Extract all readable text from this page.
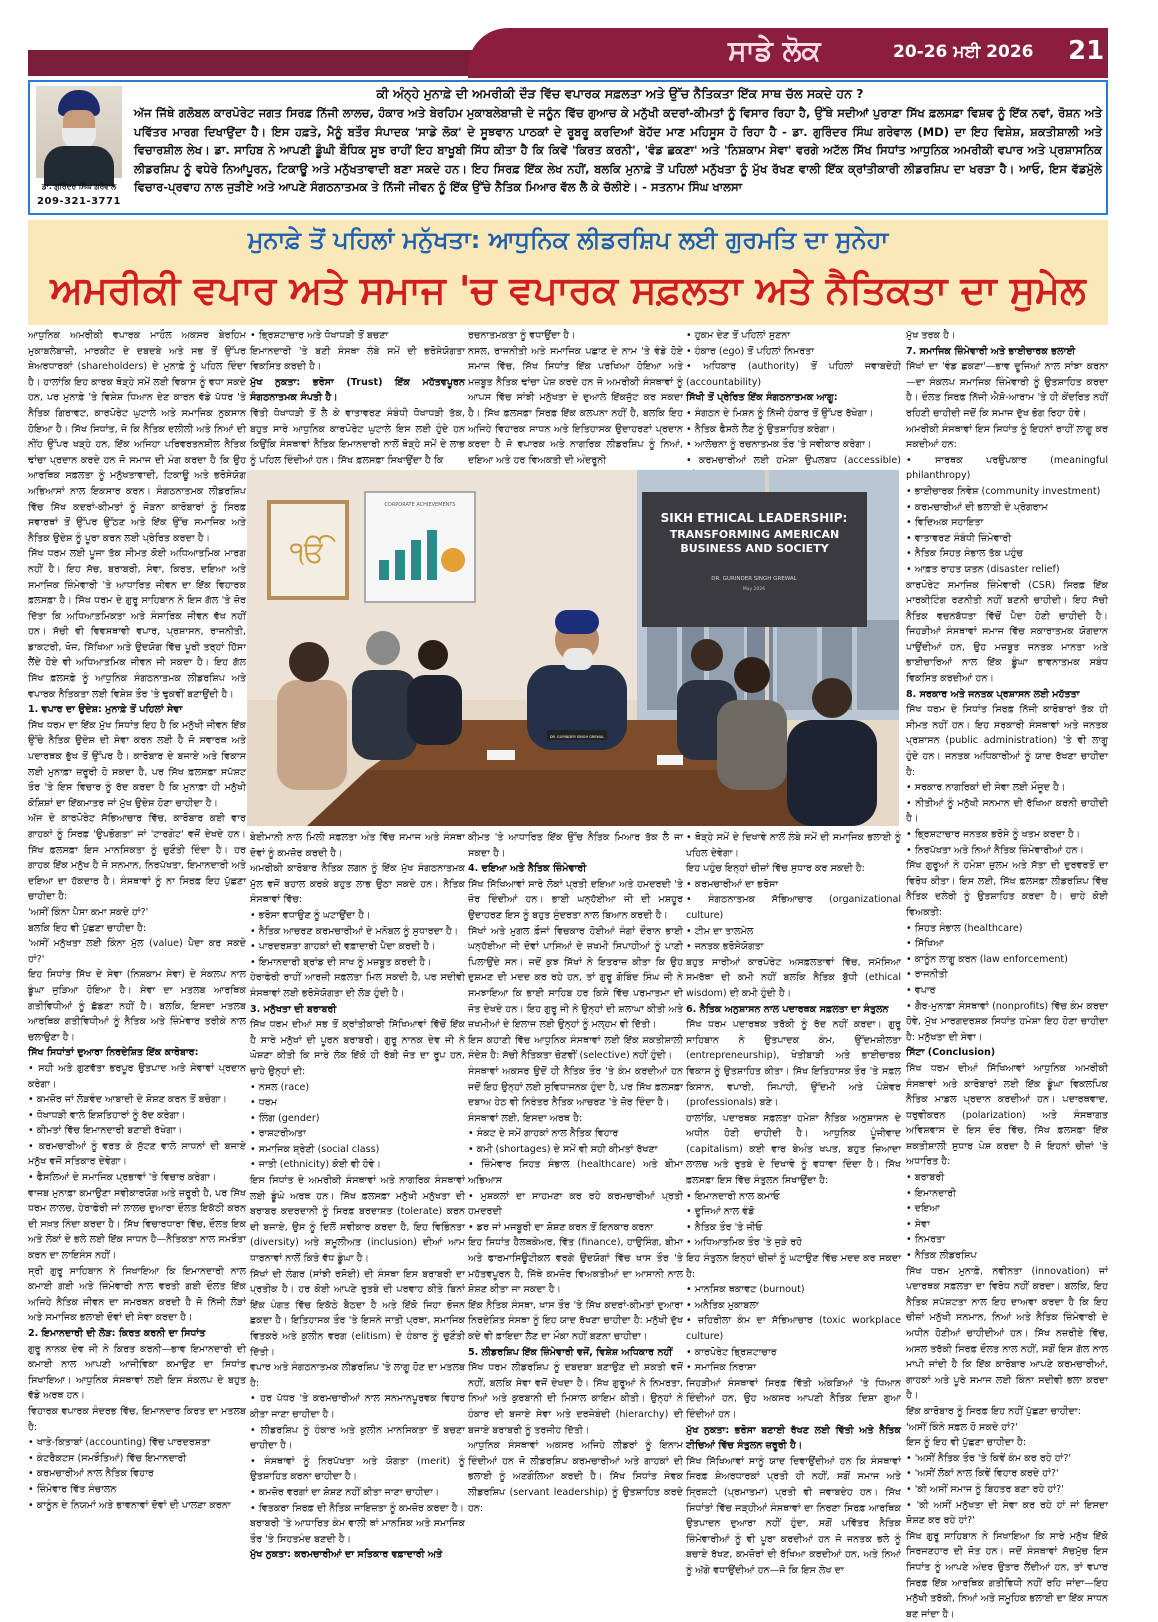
ਸਾਡੇ ਲੋਕ	20-26 ਮਈ 2026 21
ਡਾ. ਗੁਰਿੰਦਰ ਸਿੰਘ ਗਰੇਵਾਲ
209-321-3771
ਕੀ ਅੰਨ੍ਹੇ ਮੁਨਾਫ਼ੇ ਦੀ ਅਮਰੀਕੀ ਦੌੜ ਵਿੱਚ ਵਪਾਰਕ ਸਫ਼ਲਤਾ ਅਤੇ ਉੱਚ ਨੈਤਿਕਤਾ ਇੱਕ ਸਾਥ ਚੱਲ ਸਕਦੇ ਹਨ ?
ਅੱਜ ਜਿੱਥੇ ਗਲੋਬਲ ਕਾਰਪੋਰੇਟ ਜਗਤ ਸਿਰਫ਼ ਨਿੱਜੀ ਲਾਲਚ, ਹੰਕਾਰ ਅਤੇ ਬੇਰਹਿਮ ਮੁਕਾਬਲੇਬਾਜ਼ੀ ਦੇ ਜਨੂੰਨ ਵਿੱਚ ਗੁਆਚ ਕੇ ਮਨੁੱਖੀ ਕਦਰਾਂ-ਕੀਮਤਾਂ ਨੂੰ ਵਿਸਾਰ ਰਿਹਾ ਹੈ, ਉੱਥੇ ਸਦੀਆਂ ਪੁਰਾਣਾ ਸਿੱਖ ਫ਼ਲਸਫ਼ਾ ਵਿਸ਼ਵ ਨੂੰ ਇੱਕ ਨਵਾਂ, ਰੋਸ਼ਨ ਅਤੇ ਪਵਿੱਤਰ ਮਾਰਗ ਦਿਖਾਉਂਦਾ ਹੈ। ਇਸ ਹਫ਼ਤੇ, ਮੈਨੂੰ ਬਤੌਰ ਸੰਪਾਦਕ 'ਸਾਡੇ ਲੋਕ' ਦੇ ਸੂਝਵਾਨ ਪਾਠਕਾਂ ਦੇ ਰੂਬਰੂ ਕਰਦਿਆਂ ਬੇਹੱਦ ਮਾਣ ਮਹਿਸੂਸ ਹੋ ਰਿਹਾ ਹੈ - ਡਾ. ਗੁਰਿੰਦਰ ਸਿੰਘ ਗਰੇਵਾਲ (MD) ਦਾ ਇਹ ਵਿਸ਼ੇਸ਼, ਸ਼ਕਤੀਸ਼ਾਲੀ ਅਤੇ ਵਿਚਾਰਸ਼ੀਲ ਲੇਖ। ਡਾ. ਸਾਹਿਬ ਨੇ ਆਪਣੀ ਡੂੰਘੀ ਬੌਧਿਕ ਸੂਝ ਰਾਹੀਂ ਇਹ ਬਾਖੂਬੀ ਸਿੱਧ ਕੀਤਾ ਹੈ ਕਿ ਕਿਵੇਂ 'ਕਿਰਤ ਕਰਨੀ', 'ਵੰਡ ਛਕਣਾ' ਅਤੇ 'ਨਿਸ਼ਕਾਮ ਸੇਵਾ' ਵਰਗੇ ਅਟੱਲ ਸਿੱਖ ਸਿਧਾਂਤ ਆਧੁਨਿਕ ਅਮਰੀਕੀ ਵਪਾਰ ਅਤੇ ਪ੍ਰਸ਼ਾਸਨਿਕ ਲੀਡਰਸ਼ਿਪ ਨੂੰ ਵਧੇਰੇ ਨਿਆਂਪੂਰਨ, ਟਿਕਾਊ ਅਤੇ ਮਨੁੱਖਤਾਵਾਦੀ ਬਣਾ ਸਕਦੇ ਹਨ। ਇਹ ਸਿਰਫ਼ ਇੱਕ ਲੇਖ ਨਹੀਂ, ਬਲਕਿ ਮੁਨਾਫ਼ੇ ਤੋਂ ਪਹਿਲਾਂ ਮਨੁੱਖਤਾ ਨੂੰ ਮੁੱਖ ਰੱਖਣ ਵਾਲੀ ਇੱਕ ਕ੍ਰਾਂਤੀਕਾਰੀ ਲੀਡਰਸ਼ਿਪ ਦਾ ਖਰੜਾ ਹੈ। ਆਓ, ਇਸ ਵੱਡਮੁੱਲੇ ਵਿਚਾਰ-ਪ੍ਰਵਾਹ ਨਾਲ ਜੁੜੀਏ ਅਤੇ ਆਪਣੇ ਸੰਗਠਨਾਤਮਕ ਤੇ ਨਿੱਜੀ ਜੀਵਨ ਨੂੰ ਇੱਕ ਉੱਚੇ ਨੈਤਿਕ ਮਿਆਰ ਵੱਲ ਲੈ ਕੇ ਚੱਲੀਏ। - ਸਤਨਾਮ ਸਿੰਘ ਖਾਲਸਾ
ਮੁਨਾਫ਼ੇ ਤੋਂ ਪਹਿਲਾਂ ਮਨੁੱਖਤਾ: ਆਧੁਨਿਕ ਲੀਡਰਸ਼ਿਪ ਲਈ ਗੁਰਮਤਿ ਦਾ ਸੁਨੇਹਾ
ਅਮਰੀਕੀ ਵਪਾਰ ਅਤੇ ਸਮਾਜ 'ਚ ਵਪਾਰਕ ਸਫ਼ਲਤਾ ਅਤੇ ਨੈਤਿਕਤਾ ਦਾ ਸੁਮੇਲ

ਆਧੁਨਿਕ ਅਮਰੀਕੀ ਵਪਾਰਕ ਮਾਹੌਲ ਅਕਸਰ ਬੇਰਹਿਮ ਮੁਕਾਬਲੇਬਾਜ਼ੀ, ਮਾਰਕੀਟ ਦੇ ਦਬਦਬੇ ਅਤੇ ਸਭ ਤੋਂ ਉੱਪਰ ਸ਼ੇਅਰਧਾਰਕਾਂ (shareholders) ਦੇ ਮੁਨਾਫ਼ੇ ਨੂੰ ਪਹਿਲ ਦਿੰਦਾ ਹੈ। ਹਾਲਾਂਕਿ ਇਹ ਕਾਰਕ ਥੋੜ੍ਹੇ ਸਮੇਂ ਲਈ ਵਿਕਾਸ ਨੂੰ ਵਧਾ ਸਕਦੇ ਹਨ, ਪਰ ਮੁਨਾਫ਼ੇ 'ਤੇ ਵਿਸ਼ੇਸ਼ ਧਿਆਨ ਦੇਣ ਕਾਰਨ ਵੱਡੇ ਪੱਧਰ 'ਤੇ ਨੈਤਿਕ ਗਿਰਾਵਟ, ਕਾਰਪੋਰੇਟ ਘੁਟਾਲੇ ਅਤੇ ਸਮਾਜਿਕ ਨੁਕਸਾਨ ਹੋਇਆ ਹੈ। ਸਿੱਖ ਸਿਧਾਂਤ, ਜੋ ਕਿ ਨੈਤਿਕ ਦਲੀਲੀ ਅਤੇ ਨਿਆਂ ਦੀ ਨੀਂਹ ਉੱਪਰ ਖੜ੍ਹੇ ਹਨ, ਇੱਕ ਅਜਿਹਾ ਪਰਿਵਰਤਨਸ਼ੀਲ ਨੈਤਿਕ ਢਾਂਚਾ ਪ੍ਰਦਾਨ ਕਰਦੇ ਹਨ ਜੋ ਸਮਾਜ ਦੀ ਮੰਗ ਕਰਦਾ ਹੈ ਕਿ ਉਹ ਆਰਥਿਕ ਸਫ਼ਲਤਾ ਨੂੰ ਮਨੁੱਖਤਾਵਾਦੀ, ਟਿਕਾਊ ਅਤੇ ਭਰੋਸੇਯੋਗ ਅਭਿਆਸਾਂ ਨਾਲ ਇਕਸਾਰ ਕਰਨ। ਸੰਗਠਨਾਤਮਕ ਲੀਡਰਸ਼ਿਪ ਵਿੱਚ ਸਿੱਖ ਕਦਰਾਂ-ਕੀਮਤਾਂ ਨੂੰ ਜੋੜਨਾ ਕਾਰੋਬਾਰਾਂ ਨੂੰ ਸਿਰਫ਼ ਸਵਾਰਥਾਂ ਤੋਂ ਉੱਪਰ ਉੱਠਣ ਅਤੇ ਇੱਕ ਉੱਚ ਸਮਾਜਿਕ ਅਤੇ ਨੈਤਿਕ ਉਦੇਸ਼ ਨੂੰ ਪੂਰਾ ਕਰਨ ਲਈ ਪ੍ਰੇਰਿਤ ਕਰਦਾ ਹੈ।

ਸਿੱਖ ਧਰਮ ਲਈ ਪੂਜਾ ਤੱਕ ਸੀਮਤ ਕੋਈ ਅਧਿਆਤਮਿਕ ਮਾਰਗ ਨਹੀਂ ਹੈ। ਇਹ ਸੱਚ, ਬਰਾਬਰੀ, ਸੇਵਾ, ਕਿਰਤ, ਦਇਆ ਅਤੇ ਸਮਾਜਿਕ ਜ਼ਿੰਮੇਵਾਰੀ 'ਤੇ ਆਧਾਰਿਤ ਜੀਵਨ ਦਾ ਇੱਕ ਵਿਹਾਰਕ ਫ਼ਲਸਫ਼ਾ ਹੈ। ਸਿੱਖ ਧਰਮ ਦੇ ਗੁਰੂ ਸਾਹਿਬਾਨ ਨੇ ਇਸ ਗੱਲ 'ਤੇ ਜ਼ੋਰ ਦਿੱਤਾ ਕਿ ਅਧਿਆਤਮਿਕਤਾ ਅਤੇ ਸੰਸਾਰਿਕ ਜੀਵਨ ਵੱਖ ਨਹੀਂ ਹਨ। ਸੱਚੀ ਵੀ ਵਿਵਸਥਾਵੀ ਵਪਾਰ, ਪ੍ਰਸ਼ਾਸਨ, ਰਾਜਨੀਤੀ, ਡਾਕਟਰੀ, ਖੋਜ, ਸਿੱਖਿਆ ਅਤੇ ਉਦਯੋਗ ਵਿੱਚ ਪੂਰੀ ਤਰ੍ਹਾਂ ਹਿੱਸਾ ਲੈਂਦੇ ਹੋਏ ਵੀ ਅਧਿਆਤਮਿਕ ਜੀਵਨ ਜੀ ਸਕਦਾ ਹੈ। ਇਹ ਗੱਲ ਸਿੱਖ ਫ਼ਲਸਫ਼ੇ ਨੂੰ ਆਧੁਨਿਕ ਸੰਗਠਨਾਤਮਕ ਲੀਡਰਸ਼ਿਪ ਅਤੇ ਵਪਾਰਕ ਨੈਤਿਕਤਾ ਲਈ ਵਿਸ਼ੇਸ਼ ਤੌਰ 'ਤੇ ਢੁਕਵੀਂ ਬਣਾਉਂਦੀ ਹੈ।

1. ਵਪਾਰ ਦਾ ਉਦੇਸ਼: ਮੁਨਾਫ਼ੇ ਤੋਂ ਪਹਿਲਾਂ ਸੇਵਾ

ਸਿੱਖ ਧਰਮ ਦਾ ਇੱਕ ਮੁੱਖ ਸਿਧਾਂਤ ਇਹ ਹੈ ਕਿ ਮਨੁੱਖੀ ਜੀਵਨ ਇੱਕ ਉੱਚੇ ਨੈਤਿਕ ਉਦੇਸ਼ ਦੀ ਸੇਵਾ ਕਰਨ ਲਈ ਹੈ ਜੋ ਸਵਾਰਥ ਅਤੇ ਪਦਾਰਥਕ ਭੁੱਖ ਤੋਂ ਉੱਪਰ ਹੈ। ਕਾਰੋਬਾਰ ਦੇ ਬਜਾਏ ਅਤੇ ਵਿਕਾਸ ਲਈ ਮੁਨਾਫ਼ਾ ਜ਼ਰੂਰੀ ਹੋ ਸਕਦਾ ਹੈ, ਪਰ ਸਿੱਖ ਫ਼ਲਸਫ਼ਾ ਸਪੱਸ਼ਟ ਤੌਰ 'ਤੇ ਇਸ ਵਿਚਾਰ ਨੂੰ ਰੱਦ ਕਰਦਾ ਹੈ ਕਿ ਮੁਨਾਫ਼ਾ ਹੀ ਮਨੁੱਖੀ ਕੋਸ਼ਿਸ਼ਾਂ ਦਾ ਇੱਕਮਾਤਰ ਜਾਂ ਮੁੱਖ ਉਦੇਸ਼ ਹੋਣਾ ਚਾਹੀਦਾ ਹੈ।

ਅੱਜ ਦੇ ਕਾਰਪੋਰੇਟ ਸੱਭਿਆਚਾਰ ਵਿੱਚ, ਕਾਰੋਬਾਰ ਕਈ ਵਾਰ ਗਾਹਕਾਂ ਨੂੰ ਸਿਰਫ਼ 'ਉਪਭੋਗਤਾ' ਜਾਂ 'ਟਾਰਗੇਟ' ਵਜੋਂ ਦੇਖਦੇ ਹਨ। ਸਿੱਖ ਫ਼ਲਸਫ਼ਾ ਇਸ ਮਾਨਸਿਕਤਾ ਨੂੰ ਚੁਣੌਤੀ ਦਿੰਦਾ ਹੈ। ਹਰ ਗਾਹਕ ਇੱਕ ਮਨੁੱਖ ਹੈ ਜੋ ਸਨਮਾਨ, ਨਿਰਪੱਖਤਾ, ਇਮਾਨਦਾਰੀ ਅਤੇ ਦਇਆ ਦਾ ਹੱਕਦਾਰ ਹੈ। ਸੰਸਥਾਵਾਂ ਨੂੰ ਨਾ ਸਿਰਫ਼ ਇਹ ਪੁੱਛਣਾ ਚਾਹੀਦਾ ਹੈ:

'ਅਸੀਂ ਕਿੰਨਾ ਪੈਸਾ ਕਮਾ ਸਕਦੇ ਹਾਂ?'

ਬਲਕਿ ਇਹ ਵੀ ਪੁੱਛਣਾ ਚਾਹੀਦਾ ਹੈ:

'ਅਸੀਂ ਮਨੁੱਖਤਾ ਲਈ ਕਿੰਨਾ ਮੁੱਲ (value) ਪੈਦਾ ਕਰ ਸਕਦੇ ਹਾਂ?'

ਇਹ ਸਿਧਾਂਤ ਸਿੱਖ ਦੇ ਸੇਵਾ (ਨਿਸ਼ਕਾਮ ਸੇਵਾ) ਦੇ ਸੰਕਲਪ ਨਾਲ ਡੂੰਘਾ ਜੁੜਿਆ ਹੋਇਆ ਹੈ। ਸੇਵਾ ਦਾ ਮਤਲਬ ਆਰਥਿਕ ਗਤੀਵਿਧੀਆਂ ਨੂੰ ਛੱਡਣਾ ਨਹੀਂ ਹੈ। ਬਲਕਿ, ਇਸਦਾ ਮਤਲਬ ਆਰਥਿਕ ਗਤੀਵਿਧੀਆਂ ਨੂੰ ਨੈਤਿਕ ਅਤੇ ਜ਼ਿੰਮੇਵਾਰ ਤਰੀਕੇ ਨਾਲ ਚਲਾਉਣਾ ਹੈ।

ਸਿੱਖ ਸਿਧਾਂਤਾਂ ਦੁਆਰਾ ਨਿਰਦੇਸ਼ਿਤ ਇੱਕ ਕਾਰੋਬਾਰ:

• ਸਹੀ ਅਤੇ ਗੁਣਵੱਤਾ ਭਰਪੂਰ ਉਤਪਾਦ ਅਤੇ ਸੇਵਾਵਾਂ ਪ੍ਰਦਾਨ ਕਰੇਗਾ।

• ਕਮਜ਼ੋਰ ਜਾਂ ਲੋੜਵੰਦ ਆਬਾਦੀ ਦੇ ਸ਼ੋਸ਼ਣ ਕਰਨ ਤੋਂ ਬਚੇਗਾ।

• ਧੋਖਾਧੜੀ ਵਾਲੇ ਇਸ਼ਤਿਹਾਰਾਂ ਨੂੰ ਰੱਦ ਕਰੇਗਾ।

• ਕੀਮਤਾਂ ਵਿੱਚ ਇਮਾਨਦਾਰੀ ਬਣਾਈ ਰੱਖੇਗਾ।

• ਕਰਮਚਾਰੀਆਂ ਨੂੰ ਵਰਤ ਕੇ ਸੁੱਟਣ ਵਾਲੇ ਸਾਧਨਾਂ ਦੀ ਬਜਾਏ ਮਨੁੱਖ ਵਜੋਂ ਸਤਿਕਾਰ ਦੇਵੇਗਾ।

• ਫੈਸਲਿਆਂ ਦੇ ਸਮਾਜਿਕ ਪ੍ਰਭਾਵਾਂ 'ਤੇ ਵਿਚਾਰ ਕਰੇਗਾ।

ਵਾਜਬ ਮੁਨਾਫ਼ਾ ਕਮਾਉਣਾ ਸਵੀਕਾਰਯੋਗ ਅਤੇ ਜ਼ਰੂਰੀ ਹੈ, ਪਰ ਸਿੱਖ ਧਰਮ ਲਾਲਚ, ਹੇਰਾਫੇਰੀ ਜਾਂ ਲਾਲਚ ਦੁਆਰਾ ਦੌਲਤ ਇਕੱਠੀ ਕਰਨ ਦੀ ਸਖ਼ਤ ਨਿੰਦਾ ਕਰਦਾ ਹੈ। ਸਿੱਖ ਵਿਚਾਰਧਾਰਾ ਵਿੱਚ, ਦੌਲਤ ਇਕ ਅਤੇ ਲੋਕਾਂ ਦੇ ਭਲੇ ਲਈ ਇੱਕ ਸਾਧਨ ਹੈ—ਨੈਤਿਕਤਾ ਨਾਲ ਸਮਝੌਤਾ ਕਰਨ ਦਾ ਲਾਇਸੰਸ ਨਹੀਂ।

ਸ੍ਰੀ ਗੁਰੂ ਸਾਹਿਬਾਨ ਨੇ ਸਿਖਾਇਆ ਕਿ ਇਮਾਨਦਾਰੀ ਨਾਲ ਕਮਾਈ ਗਈ ਅਤੇ ਜ਼ਿੰਮੇਵਾਰੀ ਨਾਲ ਵਰਤੀ ਗਈ ਦੌਲਤ ਇੱਕ ਅਜਿਹੇ ਨੈਤਿਕ ਜੀਵਨ ਦਾ ਸਮਰਥਨ ਕਰਦੀ ਹੈ ਜੋ ਨਿੱਜੀ ਲੋੜਾਂ ਅਤੇ ਸਮਾਜਿਕ ਭਲਾਈ ਦੋਵਾਂ ਦੀ ਸੇਵਾ ਕਰਦਾ ਹੈ।

2. ਇਮਾਨਦਾਰੀ ਦੀ ਲੋੜ: ਕਿਰਤ ਕਰਨੀ ਦਾ ਸਿਧਾਂਤ

ਗੁਰੂ ਨਾਨਕ ਦੇਵ ਜੀ ਨੇ ਕਿਰਤ ਕਰਨੀ—ਭਾਵ ਇਮਾਨਦਾਰੀ ਦੀ ਕਮਾਈ ਨਾਲ ਆਪਣੀ ਆਜੀਵਿਕਾ ਕਮਾਉਣ ਦਾ ਸਿਧਾਂਤ ਸਿਖਾਇਆ। ਆਧੁਨਿਕ ਸੰਸਥਾਵਾਂ ਲਈ ਇਸ ਸੰਕਲਪ ਦੇ ਬਹੁਤ ਵੱਡੇ ਅਰਥ ਹਨ।

ਵਿਹਾਰਕ ਵਪਾਰਕ ਸੰਦਰਭ ਵਿੱਚ, ਇਮਾਨਦਾਰ ਕਿਰਤ ਦਾ ਮਤਲਬ ਹੈ:

• ਖਾਤੇ-ਕਿਤਾਬਾਂ (accounting) ਵਿੱਚ ਪਾਰਦਰਸ਼ਤਾ

• ਕੰਟਰੈਕਟਸ (ਸਮਝੌਤਿਆਂ) ਵਿੱਚ ਇਮਾਨਦਾਰੀ

• ਕਰਮਚਾਰੀਆਂ ਨਾਲ ਨੈਤਿਕ ਵਿਹਾਰ

• ਜ਼ਿੰਮੇਵਾਰ ਵਿੱਤ ਸੰਚਾਲਨ

• ਕਾਨੂੰਨ ਦੇ ਨਿਯਮਾਂ ਅਤੇ ਭਾਵਨਾਵਾਂ ਦੋਵਾਂ ਦੀ ਪਾਲਣਾ ਕਰਨਾ

• ਭ੍ਰਿਸ਼ਟਾਚਾਰ ਅਤੇ ਧੋਖਾਧੜੀ ਤੋਂ ਬਚਣਾ

ਇਮਾਨਦਾਰੀ 'ਤੇ ਬਣੀ ਸੰਸਥਾ ਲੰਬੇ ਸਮੇਂ ਦੀ ਭਰੋਸੇਯੋਗਤਾ ਵਿਕਸਿਤ ਕਰਦੀ ਹੈ।

ਮੁੱਖ ਨੁਕਤਾ: ਭਰੋਸਾ (Trust) ਇੱਕ ਮਹੱਤਵਪੂਰਨ ਸੰਗਠਨਾਤਮਕ ਸੰਪਤੀ ਹੈ।

ਵਿੱਤੀ ਧੋਖਾਧੜੀ ਤੋਂ ਲੈ ਕੇ ਵਾਤਾਵਰਣ ਸੰਬੰਧੀ ਧੋਖਾਧੜੀ ਤੱਕ, ਬਹੁਤ ਸਾਰੇ ਆਧੁਨਿਕ ਕਾਰਪੋਰੇਟ ਘੁਟਾਲੇ ਇਸ ਲਈ ਹੁੰਦੇ ਹਨ ਕਿਉਂਕਿ ਸੰਸਥਾਵਾਂ ਨੈਤਿਕ ਇਮਾਨਦਾਰੀ ਨਾਲੋਂ ਥੋੜ੍ਹੇ ਸਮੇਂ ਦੇ ਲਾਭ ਨੂੰ ਪਹਿਲ ਦਿੰਦੀਆਂ ਹਨ। ਸਿੱਖ ਫ਼ਲਸਫ਼ਾ ਸਿਖਾਉਂਦਾ ਹੈ ਕਿ

ਰਚਨਾਤਮਕਤਾ ਨੂੰ ਵਧਾਉਂਦਾ ਹੈ।

ਨਸਲ, ਰਾਜਨੀਤੀ ਅਤੇ ਸਮਾਜਿਕ ਪਛਾਣ ਦੇ ਨਾਮ 'ਤੇ ਵੰਡੇ ਹੋਏ ਸਮਾਜ ਵਿੱਚ, ਸਿੱਖ ਸਿਧਾਂਤ ਇੱਕ ਪਰਖਿਆ ਹੋਇਆ ਅਤੇ ਮਜ਼ਬੂਤ ਨੈਤਿਕ ਢਾਂਚਾ ਪੇਸ਼ ਕਰਦੇ ਹਨ ਜੋ ਅਮਰੀਕੀ ਸੰਸਥਾਵਾਂ ਨੂੰ ਆਪਸ ਵਿੱਚ ਸਾਂਝੀ ਮਨੁੱਖਤਾ ਦੇ ਦੁਆਲੇ ਇੱਕਜੁੱਟ ਕਰ ਸਕਦਾ ਹੈ। ਸਿੱਖ ਫ਼ਲਸਫ਼ਾ ਸਿਰਫ਼ ਇੱਕ ਕਲਪਨਾ ਨਹੀਂ ਹੈ, ਬਲਕਿ ਇਹ ਅਜਿਹੇ ਵਿਹਾਰਕ ਸਾਧਨ ਅਤੇ ਇਤਿਹਾਸਕ ਉਦਾਹਰਣਾਂ ਪ੍ਰਦਾਨ ਕਰਦਾ ਹੈ ਜੋ ਵਪਾਰਕ ਅਤੇ ਨਾਗਰਿਕ ਲੀਡਰਸ਼ਿਪ ਨੂੰ ਨਿਆਂ, ਦਇਆ ਅਤੇ ਹਰ ਵਿਅਕਤੀ ਦੀ ਅੰਦਰੂਨੀ

• ਹੁਕਮ ਦੇਣ ਤੋਂ ਪਹਿਲਾਂ ਸੁਣਨਾ

• ਹੰਕਾਰ (ego) ਤੋਂ ਪਹਿਲਾਂ ਨਿਮਰਤਾ

• ਅਧਿਕਾਰ (authority) ਤੋਂ ਪਹਿਲਾਂ ਜਵਾਬਦੇਹੀ (accountability)

ਸਿੱਖੀ ਤੋਂ ਪ੍ਰੇਰਿਤ ਇੱਕ ਸੰਗਠਨਾਤਮਕ ਆਗੂ:

• ਸੰਗਠਨ ਦੇ ਮਿਸ਼ਨ ਨੂੰ ਨਿੱਜੀ ਹੰਕਾਰ ਤੋਂ ਉੱਪਰ ਰੱਖੇਗਾ।

• ਨੈਤਿਕ ਫੈਸਲੇ ਲੈਣ ਨੂੰ ਉਤਸ਼ਾਹਿਤ ਕਰੇਗਾ।

• ਆਲੋਚਨਾ ਨੂੰ ਰਚਨਾਤਮਕ ਤੌਰ 'ਤੇ ਸਵੀਕਾਰ ਕਰੇਗਾ।

• ਕਰਮਚਾਰੀਆਂ ਲਈ ਹਮੇਸ਼ਾ ਉਪਲਬਧ (accessible)

ਬੇਈਮਾਨੀ ਨਾਲ ਮਿਲੀ ਸਫ਼ਲਤਾ ਅੰਤ ਵਿੱਚ ਸਮਾਜ ਅਤੇ ਸੰਸਥਾ ਦੋਵਾਂ ਨੂੰ ਕਮਜ਼ੋਰ ਕਰਦੀ ਹੈ।

ਅਮਰੀਕੀ ਕਾਰੋਬਾਰ ਨੈਤਿਕ ਲਗਨ ਨੂੰ ਇੱਕ ਮੁੱਖ ਸੰਗਠਨਾਤਮਕ ਮੁੱਲ ਵਜੋਂ ਬਹਾਲ ਕਰਕੇ ਬਹੁਤ ਲਾਭ ਉਠਾ ਸਕਦੇ ਹਨ। ਨੈਤਿਕ ਸੰਸਥਾਵਾਂ ਵਿੱਚ:

• ਭਰੋਸਾ ਵਧਾਉਣ ਨੂੰ ਘਟਾਉਂਦਾ ਹੈ।

• ਨੈਤਿਕ ਆਚਰਣ ਕਰਮਚਾਰੀਆਂ ਦੇ ਮਨੋਬਲ ਨੂੰ ਸੁਧਾਰਦਾ ਹੈ।

• ਪਾਰਦਰਸ਼ਤਾ ਗਾਹਕਾਂ ਦੀ ਵਫ਼ਾਦਾਰੀ ਪੈਦਾ ਕਰਦੀ ਹੈ।

• ਇਮਾਨਦਾਰੀ ਬ੍ਰਾਂਡ ਦੀ ਸਾਖ ਨੂੰ ਮਜ਼ਬੂਤ ਕਰਦੀ ਹੈ।

ਹੇਰਾਫੇਰੀ ਰਾਹੀਂ ਆਰਜ਼ੀ ਸਫ਼ਲਤਾ ਮਿਲ ਸਕਦੀ ਹੈ, ਪਰ ਸਦੀਵੀ ਸੰਸਥਾਵਾਂ ਲਈ ਭਰੋਸੇਯੋਗਤਾ ਦੀ ਲੋੜ ਹੁੰਦੀ ਹੈ।

3. ਮਨੁੱਖਤਾ ਦੀ ਬਰਾਬਰੀ

ਸਿੱਖ ਧਰਮ ਦੀਆਂ ਸਭ ਤੋਂ ਕ੍ਰਾਂਤੀਕਾਰੀ ਸਿੱਖਿਆਵਾਂ ਵਿੱਚੋਂ ਇੱਕ ਹੈ ਸਾਰੇ ਮਨੁੱਖਾਂ ਦੀ ਪੂਰਨ ਬਰਾਬਰੀ। ਗੁਰੂ ਨਾਨਕ ਦੇਵ ਜੀ ਨੇ ਘੋਸ਼ਣਾ ਕੀਤੀ ਕਿ ਸਾਰੇ ਲੋਕ ਇੱਕੋ ਹੀ ਰੱਬੀ ਜੋਤ ਦਾ ਰੂਪ ਹਨ, ਚਾਹੇ ਉਨ੍ਹਾਂ ਦੀ:

• ਨਸਲ (race)

• ਧਰਮ

• ਲਿੰਗ (gender)

• ਰਾਸ਼ਟਰੀਅਤਾ

• ਸਮਾਜਿਕ ਸ਼੍ਰੇਣੀ (social class)

• ਜਾਤੀ (ethnicity) ਕੋਈ ਵੀ ਹੋਵੇ।

ਇਸ ਸਿਧਾਂਤ ਦੇ ਅਮਰੀਕੀ ਸੰਸਥਾਵਾਂ ਅਤੇ ਨਾਗਰਿਕ ਸੰਸਥਾਵਾਂ ਲਈ ਡੂੰਘੇ ਅਰਥ ਹਨ। ਸਿੱਖ ਫ਼ਲਸਫ਼ਾ ਮਨੁੱਖੀ ਮਨੁੱਖਤਾ ਦੀ ਬਰਾਬਰ ਕਦਰਦਾਨੀ ਨੂੰ ਸਿਰਫ਼ ਬਰਦਾਸ਼ਤ (tolerate) ਕਰਨ ਦੀ ਬਜਾਏ, ਉਸ ਨੂੰ ਦਿਲੋਂ ਸਵੀਕਾਰ ਕਰਦਾ ਹੈ, ਇਹ ਵਿਭਿੰਨਤਾ (diversity) ਅਤੇ ਸ਼ਮੂਲੀਅਤ (inclusion) ਦੀਆਂ ਆਮ ਧਾਰਨਾਵਾਂ ਨਾਲੋਂ ਕਿਤੇ ਵੱਧ ਡੂੰਘਾ ਹੈ।

ਸਿੱਖਾਂ ਦੀ ਲੰਗਰ (ਸਾਂਝੀ ਰਸੋਈ) ਦੀ ਸੰਸਥਾ ਇਸ ਬਰਾਬਰੀ ਦਾ ਪ੍ਰਤੀਕ ਹੈ। ਹਰ ਕੋਈ ਆਪਣੇ ਰੁਤਬੇ ਦੀ ਪਰਵਾਹ ਕੀਤੇ ਬਿਨਾਂ ਇੱਕ ਪੰਗਤ ਵਿੱਚ ਇਕੱਠੇ ਬੈਠਦਾ ਹੈ ਅਤੇ ਇੱਕੋ ਜਿਹਾ ਭੋਜਨ ਛਕਦਾ ਹੈ। ਇਤਿਹਾਸਕ ਤੌਰ 'ਤੇ ਇਸਨੇ ਜਾਤੀ ਪ੍ਰਥਾ, ਸਮਾਜਿਕ ਵਿਤਕਰੇ ਅਤੇ ਕੁਲੀਨ ਵਰਗ (elitism) ਦੇ ਹੰਕਾਰ ਨੂੰ ਚੁਣੌਤੀ ਦਿੱਤੀ।

ਵਪਾਰ ਅਤੇ ਸੰਗਠਨਾਤਮਕ ਲੀਡਰਸ਼ਿਪ 'ਤੇ ਲਾਗੂ ਹੋਣ ਦਾ ਮਤਲਬ ਹੈ:

• ਹਰ ਪੱਧਰ 'ਤੇ ਕਰਮਚਾਰੀਆਂ ਨਾਲ ਸਨਮਾਨਪੂਰਵਕ ਵਿਹਾਰ ਕੀਤਾ ਜਾਣਾ ਚਾਹੀਦਾ ਹੈ।

• ਲੀਡਰਸ਼ਿਪ ਨੂੰ ਹੰਕਾਰ ਅਤੇ ਕੁਲੀਨ ਮਾਨਸਿਕਤਾ ਤੋਂ ਬਚਣਾ ਚਾਹੀਦਾ ਹੈ।

• ਸੰਸਥਾਵਾਂ ਨੂੰ ਨਿਰਪੱਖਤਾ ਅਤੇ ਯੋਗਤਾ (merit) ਨੂੰ ਉਤਸ਼ਾਹਿਤ ਕਰਨਾ ਚਾਹੀਦਾ ਹੈ।

• ਕਮਜ਼ੋਰ ਵਰਗਾਂ ਦਾ ਸ਼ੋਸ਼ਣ ਨਹੀਂ ਕੀਤਾ ਜਾਣਾ ਚਾਹੀਦਾ।

• ਵਿਤਕਰਾ ਸਿਰਫ਼ ਦੀ ਨੈਤਿਕ ਜਾਇਜ਼ਤਾ ਨੂੰ ਕਮਜ਼ੋਰ ਕਰਦਾ ਹੈ।

ਬਰਾਬਰੀ 'ਤੇ ਆਧਾਰਿਤ ਕੰਮ ਵਾਲੀ ਥਾਂ ਮਾਨਸਿਕ ਅਤੇ ਸਮਾਜਿਕ ਤੌਰ 'ਤੇ ਸਿਹਤਮੰਦ ਬਣਦੀ ਹੈ।

ਮੁੱਖ ਨੁਕਤਾ: ਕਰਮਚਾਰੀਆਂ ਦਾ ਸਤਿਕਾਰ ਵਫ਼ਾਦਾਰੀ ਅਤੇ

ਕੀਮਤ 'ਤੇ ਆਧਾਰਿਤ ਇੱਕ ਉੱਚ ਨੈਤਿਕ ਮਿਆਰ ਤੱਕ ਲੈ ਜਾ ਸਕਦਾ ਹੈ।

4. ਦਇਆ ਅਤੇ ਨੈਤਿਕ ਜ਼ਿੰਮੇਵਾਰੀ

ਸਿੱਖ ਸਿੱਖਿਆਵਾਂ ਸਾਰੇ ਲੋਕਾਂ ਪ੍ਰਤੀ ਦਇਆ ਅਤੇ ਹਮਦਰਦੀ 'ਤੇ ਜ਼ੋਰ ਦਿੰਦੀਆਂ ਹਨ। ਭਾਈ ਘਨ੍ਹੱਈਆ ਜੀ ਦੀ ਮਸ਼ਹੂਰ ਉਦਾਹਰਣ ਇਸ ਨੂੰ ਬਹੁਤ ਸੁੰਦਰਤਾ ਨਾਲ ਬਿਆਨ ਕਰਦੀ ਹੈ।

ਸਿੱਖਾਂ ਅਤੇ ਮੁਗਲ ਫ਼ੌਜਾਂ ਵਿਚਕਾਰ ਹੋਈਆਂ ਜੰਗਾਂ ਦੌਰਾਨ ਭਾਈ ਘਨ੍ਹੱਈਆ ਜੀ ਦੋਵਾਂ ਪਾਸਿਆਂ ਦੇ ਜ਼ਖਮੀ ਸਿਪਾਹੀਆਂ ਨੂੰ ਪਾਣੀ ਪਿਲਾਉਂਦੇ ਸਨ। ਜਦੋਂ ਕੁਝ ਸਿੱਖਾਂ ਨੇ ਇਤਰਾਜ਼ ਕੀਤਾ ਕਿ ਉਹ ਦੁਸ਼ਮਣ ਦੀ ਮਦਦ ਕਰ ਰਹੇ ਹਨ, ਤਾਂ ਗੁਰੂ ਗੋਬਿੰਦ ਸਿੰਘ ਜੀ ਨੇ ਸਮਝਾਇਆ ਕਿ ਭਾਈ ਸਾਹਿਬ ਹਰ ਕਿਸੇ ਵਿੱਚ ਪਰਮਾਤਮਾ ਦੀ ਜੋਤ ਦੇਖਦੇ ਹਨ। ਇਹ ਗੁਰੂ ਜੀ ਨੇ ਉਨ੍ਹਾਂ ਦੀ ਸ਼ਲਾਘਾ ਕੀਤੀ ਅਤੇ ਜ਼ਖਮੀਆਂ ਦੇ ਇਲਾਜ ਲਈ ਉਨ੍ਹਾਂ ਨੂੰ ਮਲ੍ਹਮ ਵੀ ਦਿੱਤੀ।

ਇਸ ਕਹਾਣੀ ਵਿੱਚ ਆਧੁਨਿਕ ਸੰਸਥਾਵਾਂ ਲਈ ਇੱਕ ਸ਼ਕਤੀਸ਼ਾਲੀ ਸੰਦੇਸ਼ ਹੈ: ਸੱਚੀ ਨੈਤਿਕਤਾ ਚੋਣਵੀਂ (selective) ਨਹੀਂ ਹੁੰਦੀ।

ਸੰਸਥਾਵਾਂ ਅਕਸਰ ਉਦੋਂ ਹੀ ਨੈਤਿਕ ਤੌਰ 'ਤੇ ਕੰਮ ਕਰਦੀਆਂ ਹਨ ਜਦੋਂ ਇਹ ਉਨ੍ਹਾਂ ਲਈ ਸੁਵਿਧਾਜਨਕ ਹੁੰਦਾ ਹੈ, ਪਰ ਸਿੱਖ ਫ਼ਲਸਫ਼ਾ ਦਬਾਅ ਹੇਠ ਵੀ ਨਿਰੰਤਰ ਨੈਤਿਕ ਆਚਰਣ 'ਤੇ ਜ਼ੋਰ ਦਿੰਦਾ ਹੈ।

ਸੰਸਥਾਵਾਂ ਲਈ, ਇਸਦਾ ਅਰਥ ਹੈ:

• ਸੰਕਟ ਦੇ ਸਮੇਂ ਗਾਹਕਾਂ ਨਾਲ ਨੈਤਿਕ ਵਿਹਾਰ

• ਕਮੀ (shortages) ਦੇ ਸਮੇਂ ਵੀ ਸਹੀ ਕੀਮਤਾਂ ਰੱਖਣਾ

• ਜ਼ਿੰਮੇਵਾਰ ਸਿਹਤ ਸੰਭਾਲ (healthcare) ਅਤੇ ਬੀਮਾ ਅਭਿਆਸ

• ਮੁਸ਼ਕਲਾਂ ਦਾ ਸਾਹਮਣਾ ਕਰ ਰਹੇ ਕਰਮਚਾਰੀਆਂ ਪ੍ਰਤੀ ਹਮਦਰਦੀ

• ਡਰ ਜਾਂ ਮਜਬੂਰੀ ਦਾ ਸ਼ੋਸ਼ਣ ਕਰਨ ਤੋਂ ਇਨਕਾਰ ਕਰਨਾ

ਇਹ ਸਿਧਾਂਤ ਹੈਲਥਕੇਅਰ, ਵਿੱਤ (finance), ਹਾਉਸਿੰਗ, ਬੀਮਾ ਅਤੇ ਫਾਰਮਾਸਿਊਟੀਕਲ ਵਰਗੇ ਉਦਯੋਗਾਂ ਵਿੱਚ ਖਾਸ ਤੌਰ 'ਤੇ ਮਹੱਤਵਪੂਰਨ ਹੈ, ਜਿੱਥੇ ਕਮਜ਼ੋਰ ਵਿਅਕਤੀਆਂ ਦਾ ਆਸਾਨੀ ਨਾਲ ਸ਼ੋਸ਼ਣ ਕੀਤਾ ਜਾ ਸਕਦਾ ਹੈ।

ਇੱਕ ਨੈਤਿਕ ਸੰਸਥਾ, ਖਾਸ ਤੌਰ 'ਤੇ ਸਿੱਖ ਕਦਰਾਂ-ਕੀਮਤਾਂ ਦੁਆਰਾ ਨਿਰਦੇਸ਼ਿਤ ਸੰਸਥਾ ਨੂੰ ਇਹ ਯਾਦ ਰੱਖਣਾ ਚਾਹੀਦਾ ਹੈ: ਮਨੁੱਖੀ ਦੁੱਖ ਕਦੇ ਵੀ ਫ਼ਾਇਦਾ ਲੈਣ ਦਾ ਮੌਕਾ ਨਹੀਂ ਬਣਨਾ ਚਾਹੀਦਾ।

5. ਲੀਡਰਸ਼ਿਪ ਇੱਕ ਜ਼ਿੰਮੇਵਾਰੀ ਵਜੋਂ, ਵਿਸ਼ੇਸ਼ ਅਧਿਕਾਰ ਨਹੀਂ

ਸਿੱਖ ਧਰਮ ਲੀਡਰਸ਼ਿਪ ਨੂੰ ਦਬਦਬਾ ਬਣਾਉਣ ਦੀ ਸ਼ਕਤੀ ਵਜੋਂ ਨਹੀਂ, ਬਲਕਿ ਸੇਵਾ ਵਜੋਂ ਦੇਖਦਾ ਹੈ। ਸਿੱਖ ਗੁਰੂਆਂ ਨੇ ਨਿਮਰਤਾ, ਨਿਆਂ ਅਤੇ ਕੁਰਬਾਨੀ ਦੀ ਮਿਸਾਲ ਕਾਇਮ ਕੀਤੀ। ਉਨ੍ਹਾਂ ਨੇ ਹੰਕਾਰ ਦੀ ਬਜਾਏ ਸੇਵਾ ਅਤੇ ਦਰਜੇਬੰਦੀ (hierarchy) ਦੀ ਬਜਾਏ ਬਰਾਬਰੀ ਨੂੰ ਤਰਜੀਹ ਦਿੱਤੀ।

ਆਧੁਨਿਕ ਸੰਸਥਾਵਾਂ ਅਕਸਰ ਅਜਿਹੇ ਲੀਡਰਾਂ ਨੂੰ ਇਨਾਮ ਦਿੰਦੀਆਂ ਹਨ ਜੋ ਲੀਡਰਸ਼ਿਪ ਕਰਮਚਾਰੀਆਂ ਅਤੇ ਗਾਹਕਾਂ ਦੀ ਭਲਾਈ ਨੂੰ ਅਣਗੌਲਿਆ ਕਰਦੀ ਹੈ। ਸਿੱਖ ਸਿਧਾਂਤ ਸੇਵਕ ਲੀਡਰਸ਼ਿਪ (servant leadership) ਨੂੰ ਉਤਸ਼ਾਹਿਤ ਕਰਦੇ ਹਨ:

• ਥੋੜ੍ਹੇ ਸਮੇਂ ਦੇ ਦਿਖਾਵੇ ਨਾਲੋਂ ਲੰਬੇ ਸਮੇਂ ਦੀ ਸਮਾਜਿਕ ਭਲਾਈ ਨੂੰ ਪਹਿਲ ਦੇਵੇਗਾ।

ਇਹ ਪਹੁੰਚ ਇਨ੍ਹਾਂ ਚੀਜ਼ਾਂ ਵਿੱਚ ਸੁਧਾਰ ਕਰ ਸਕਦੀ ਹੈ:

• ਕਰਮਚਾਰੀਆਂ ਦਾ ਭਰੋਸਾ

• ਸੰਗਠਨਾਤਮਕ ਸੱਭਿਆਚਾਰ (organizational culture)

• ਟੀਮ ਦਾ ਤਾਲਮੇਲ

• ਜਨਤਕ ਭਰੋਸੇਯੋਗਤਾ

ਬਹੁਤ ਸਾਰੀਆਂ ਕਾਰਪੋਰੇਟ ਅਸਫ਼ਲਤਾਵਾਂ ਵਿੱਚ, ਸਮੱਸਿਆ ਸਮਰੱਥਾ ਦੀ ਕਮੀ ਨਹੀਂ ਬਲਕਿ ਨੈਤਿਕ ਬੁੱਧੀ (ethical wisdom) ਦੀ ਕਮੀ ਹੁੰਦੀ ਹੈ।

6. ਨੈਤਿਕ ਅਨੁਸ਼ਾਸਨ ਨਾਲ ਪਦਾਰਥਕ ਸਫ਼ਲਤਾ ਦਾ ਸੰਤੁਲਨ

ਸਿੱਖ ਧਰਮ ਪਦਾਰਥਕ ਤਰੱਕੀ ਨੂੰ ਰੱਦ ਨਹੀਂ ਕਰਦਾ। ਗੁਰੂ ਸਾਹਿਬਾਨ ਨੇ ਉਤਪਾਦਕ ਕੰਮ, ਉੱਦਮਸ਼ੀਲਤਾ (entrepreneurship), ਖੇਤੀਬਾੜੀ ਅਤੇ ਭਾਈਚਾਰਕ ਵਿਕਾਸ ਨੂੰ ਉਤਸ਼ਾਹਿਤ ਕੀਤਾ। ਸਿੱਖ ਇਤਿਹਾਸਕ ਤੌਰ 'ਤੇ ਸਫ਼ਲ ਕਿਸਾਨ, ਵਪਾਰੀ, ਸਿਪਾਹੀ, ਉੱਦਮੀ ਅਤੇ ਪੇਸ਼ੇਵਰ (professionals) ਬਣੇ।

ਹਾਲਾਂਕਿ, ਪਦਾਰਥਕ ਸਫ਼ਲਤਾ ਹਮੇਸ਼ਾ ਨੈਤਿਕ ਅਨੁਸ਼ਾਸਨ ਦੇ ਅਧੀਨ ਹੋਣੀ ਚਾਹੀਦੀ ਹੈ। ਆਧੁਨਿਕ ਪੂੰਜੀਵਾਦ (capitalism) ਕਈ ਵਾਰ ਬੇਅੰਤ ਖਪਤ, ਬਹੁਤ ਜ਼ਿਆਦਾ ਲਾਲਚ ਅਤੇ ਰੁਤਬੇ ਦੇ ਦਿਖਾਵੇ ਨੂੰ ਵਧਾਵਾ ਦਿੰਦਾ ਹੈ। ਸਿੱਖ ਫ਼ਲਸਫ਼ਾ ਇਸ ਵਿੱਚ ਸੰਤੁਲਨ ਸਿਖਾਉਂਦਾ ਹੈ:

• ਇਮਾਨਦਾਰੀ ਨਾਲ ਕਮਾਓ

• ਦੂਜਿਆਂ ਨਾਲ ਵੰਡੋ

• ਨੈਤਿਕ ਤੌਰ 'ਤੇ ਜੀਓ

• ਅਧਿਆਤਮਿਕ ਤੌਰ 'ਤੇ ਜੁੜੇ ਰਹੋ

ਇਹ ਸੰਤੁਲਨ ਇਨ੍ਹਾਂ ਚੀਜ਼ਾਂ ਨੂੰ ਘਟਾਉਣ ਵਿੱਚ ਮਦਦ ਕਰ ਸਕਦਾ ਹੈ:

• ਮਾਨਸਿਕ ਥਕਾਵਟ (burnout)

• ਅਨੈਤਿਕ ਮੁਕਾਬਲਾ

• ਜ਼ਹਿਰੀਲਾ ਕੰਮ ਦਾ ਸੱਭਿਆਚਾਰ (toxic workplace culture)

• ਕਾਰਪੋਰੇਟ ਭ੍ਰਿਸ਼ਟਾਚਾਰ

• ਸਮਾਜਿਕ ਨਿਰਾਸ਼ਾ

ਜਿਹੜੀਆਂ ਸੰਸਥਾਵਾਂ ਸਿਰਫ਼ ਵਿੱਤੀ ਅੰਕੜਿਆਂ 'ਤੇ ਧਿਆਨ ਦਿੰਦੀਆਂ ਹਨ, ਉਹ ਅਕਸਰ ਆਪਣੀ ਨੈਤਿਕ ਦਿਸ਼ਾ ਗੁਆ ਦਿੰਦੀਆਂ ਹਨ।

ਮੁੱਖ ਨੁਕਤਾ: ਭਰੋਸਾ ਬਣਾਈ ਰੱਖਣ ਲਈ ਵਿੱਤੀ ਅਤੇ ਨੈਤਿਕ ਟੀਚਿਆਂ ਵਿੱਚ ਸੰਤੁਲਨ ਜ਼ਰੂਰੀ ਹੈ।

ਸਿੱਖ ਸਿੱਖਿਆਵਾਂ ਸਾਨੂੰ ਯਾਦ ਦਿਵਾਉਂਦੀਆਂ ਹਨ ਕਿ ਸੰਸਥਾਵਾਂ ਸਿਰਫ਼ ਸ਼ੇਅਰਧਾਰਕਾਂ ਪ੍ਰਤੀ ਹੀ ਨਹੀਂ, ਸਗੋਂ ਸਮਾਜ ਅਤੇ ਸ੍ਰਿਸ਼ਟੀ (ਪ੍ਰਮਾਤਮਾ) ਪ੍ਰਤੀ ਵੀ ਜਵਾਬਦੇਹ ਹਨ। ਸਿੱਖ ਸਿਧਾਂਤਾਂ ਵਿੱਚ ਜੜ੍ਹੀਆਂ ਸੰਸਥਾਵਾਂ ਦਾ ਨਿਰਣਾ ਸਿਰਫ਼ ਆਰਥਿਕ ਉਤਪਾਦਨ ਦੁਆਰਾ ਨਹੀਂ ਹੁੰਦਾ, ਸਗੋਂ ਪਵਿੱਤਰ ਨੈਤਿਕ ਜ਼ਿੰਮੇਵਾਰੀਆਂ ਨੂੰ ਵੀ ਪੂਰਾ ਕਰਦੀਆਂ ਹਨ ਜੋ ਜਨਤਕ ਭਲੇ ਨੂੰ ਬਚਾਏ ਰੱਖਣ, ਕਮਜ਼ੋਰਾਂ ਦੀ ਰੱਖਿਆ ਕਰਦੀਆਂ ਹਨ, ਅਤੇ ਨਿਆਂ ਨੂੰ ਅੱਗੇ ਵਧਾਉਂਦੀਆਂ ਹਨ—ਜੋ ਕਿ ਇਸ ਲੇਖ ਦਾ

ਮੁੱਖ ਤਰਕ ਹੈ।

7. ਸਮਾਜਿਕ ਜ਼ਿੰਮੇਵਾਰੀ ਅਤੇ ਭਾਈਚਾਰਕ ਭਲਾਈ

ਸਿੱਖਾਂ ਦਾ 'ਵੰਡ ਛਕਣਾ'—ਭਾਵ ਦੂਜਿਆਂ ਨਾਲ ਸਾਂਝਾ ਕਰਨਾ—ਦਾ ਸੰਕਲਪ ਸਮਾਜਿਕ ਜ਼ਿੰਮੇਵਾਰੀ ਨੂੰ ਉਤਸ਼ਾਹਿਤ ਕਰਦਾ ਹੈ। ਦੌਲਤ ਸਿਰਫ਼ ਨਿੱਜੀ ਐਸ਼ੋ-ਆਰਾਮ 'ਤੇ ਹੀ ਕੇਂਦਰਿਤ ਨਹੀਂ ਰਹਿਣੀ ਚਾਹੀਦੀ ਜਦੋਂ ਕਿ ਸਮਾਜ ਦੁੱਖ ਭੋਗ ਰਿਹਾ ਹੋਵੇ।

ਅਮਰੀਕੀ ਸੰਸਥਾਵਾਂ ਇਸ ਸਿਧਾਂਤ ਨੂੰ ਇਹਨਾਂ ਰਾਹੀਂ ਲਾਗੂ ਕਰ ਸਕਦੀਆਂ ਹਨ:

• ਸਾਰਥਕ ਪਰਉਪਕਾਰ (meaningful philanthropy)

• ਭਾਈਚਾਰਕ ਨਿਵੇਸ਼ (community investment)

• ਕਰਮਚਾਰੀਆਂ ਦੀ ਭਲਾਈ ਦੇ ਪ੍ਰੋਗਰਾਮ

• ਵਿਦਿਅਕ ਸਹਾਇਤਾ

• ਵਾਤਾਵਰਣ ਸੰਬੰਧੀ ਜ਼ਿੰਮੇਵਾਰੀ

• ਨੈਤਿਕ ਸਿਹਤ ਸੰਭਾਲ ਤੱਕ ਪਹੁੰਚ

• ਆਫ਼ਤ ਰਾਹਤ ਯਤਨ (disaster relief)

ਕਾਰਪੋਰੇਟ ਸਮਾਜਿਕ ਜ਼ਿੰਮੇਵਾਰੀ (CSR) ਸਿਰਫ਼ ਇੱਕ ਮਾਰਕੀਟਿੰਗ ਰਣਨੀਤੀ ਨਹੀਂ ਬਣਨੀ ਚਾਹੀਦੀ। ਇਹ ਸੱਚੀ ਨੈਤਿਕ ਵਚਨਬੱਧਤਾ ਵਿੱਚੋਂ ਪੈਦਾ ਹੋਣੀ ਚਾਹੀਦੀ ਹੈ। ਜਿਹੜੀਆਂ ਸੰਸਥਾਵਾਂ ਸਮਾਜ ਵਿੱਚ ਸਕਾਰਾਤਮਕ ਯੋਗਦਾਨ ਪਾਉਂਦੀਆਂ ਹਨ, ਉਹ ਮਜ਼ਬੂਤ ਜਨਤਕ ਮਾਨਤਾ ਅਤੇ ਭਾਈਚਾਰਿਆਂ ਨਾਲ ਇੱਕ ਡੂੰਘਾ ਭਾਵਨਾਤਮਕ ਸਬੰਧ ਵਿਕਸਿਤ ਕਰਦੀਆਂ ਹਨ।

8. ਸਰਕਾਰ ਅਤੇ ਜਨਤਕ ਪ੍ਰਸ਼ਾਸਨ ਲਈ ਮਹੱਤਤਾ

ਸਿੱਖ ਧਰਮ ਦੇ ਸਿਧਾਂਤ ਸਿਰਫ਼ ਨਿੱਜੀ ਕਾਰੋਬਾਰਾਂ ਤੱਕ ਹੀ ਸੀਮਤ ਨਹੀਂ ਹਨ। ਇਹ ਸਰਕਾਰੀ ਸੰਸਥਾਵਾਂ ਅਤੇ ਜਨਤਕ ਪ੍ਰਸ਼ਾਸਨ (public administration) 'ਤੇ ਵੀ ਲਾਗੂ ਹੁੰਦੇ ਹਨ। ਜਨਤਕ ਅਧਿਕਾਰੀਆਂ ਨੂੰ ਯਾਦ ਰੱਖਣਾ ਚਾਹੀਦਾ ਹੈ:

• ਸਰਕਾਰ ਨਾਗਰਿਕਾਂ ਦੀ ਸੇਵਾ ਲਈ ਮੌਜੂਦ ਹੈ।

• ਨੀਤੀਆਂ ਨੂੰ ਮਨੁੱਖੀ ਸਨਮਾਨ ਦੀ ਰੱਖਿਆ ਕਰਨੀ ਚਾਹੀਦੀ ਹੈ।

• ਭ੍ਰਿਸ਼ਟਾਚਾਰ ਜਨਤਕ ਭਰੋਸੇ ਨੂੰ ਖਤਮ ਕਰਦਾ ਹੈ।

• ਨਿਰਪੱਖਤਾ ਅਤੇ ਨਿਆਂ ਨੈਤਿਕ ਜ਼ਿੰਮੇਵਾਰੀਆਂ ਹਨ।

ਸਿੱਖ ਗੁਰੂਆਂ ਨੇ ਹਮੇਸ਼ਾ ਜ਼ੁਲਮ ਅਤੇ ਸੱਤਾ ਦੀ ਦੁਰਵਰਤੋਂ ਦਾ ਵਿਰੋਧ ਕੀਤਾ। ਇਸ ਲਈ, ਸਿੱਖ ਫ਼ਲਸਫ਼ਾ ਲੀਡਰਸ਼ਿਪ ਵਿੱਚ ਨੈਤਿਕ ਦਲੇਰੀ ਨੂੰ ਉਤਸ਼ਾਹਿਤ ਕਰਦਾ ਹੈ। ਚਾਹੇ ਕੋਈ ਵਿਅਕਤੀ:

• ਸਿਹਤ ਸੰਭਾਲ (healthcare)

• ਸਿੱਖਿਆ

• ਕਾਨੂੰਨ ਲਾਗੂ ਕਰਨ (law enforcement)

• ਰਾਜਨੀਤੀ

• ਵਪਾਰ

• ਗੈਰ-ਮੁਨਾਫ਼ਾ ਸੰਸਥਾਵਾਂ (nonprofits) ਵਿੱਚ ਕੰਮ ਕਰਦਾ ਹੋਵੇ, ਮੁੱਖ ਮਾਰਗਦਰਸ਼ਕ ਸਿਧਾਂਤ ਹਮੇਸ਼ਾ ਇਹ ਹੋਣਾ ਚਾਹੀਦਾ ਹੈ: ਮਨੁੱਖਤਾ ਦੀ ਸੇਵਾ।

ਸਿੱਟਾ (Conclusion)

ਸਿੱਖ ਧਰਮ ਦੀਆਂ ਸਿੱਖਿਆਵਾਂ ਆਧੁਨਿਕ ਅਮਰੀਕੀ ਸੰਸਥਾਵਾਂ ਅਤੇ ਕਾਰੋਬਾਰਾਂ ਲਈ ਇੱਕ ਡੂੰਘਾ ਵਿਕਲਪਿਕ ਨੈਤਿਕ ਮਾਡਲ ਪ੍ਰਦਾਨ ਕਰਦੀਆਂ ਹਨ। ਪਦਾਰਥਵਾਦ, ਧਰੁਵੀਕਰਨ (polarization) ਅਤੇ ਸੰਸਥਾਗਤ ਅਵਿਸ਼ਵਾਸ ਦੇ ਇਸ ਦੌਰ ਵਿੱਚ, ਸਿੱਖ ਫ਼ਲਸਫ਼ਾ ਇੱਕ ਸ਼ਕਤੀਸ਼ਾਲੀ ਸੁਧਾਰ ਪੇਸ਼ ਕਰਦਾ ਹੈ ਜੋ ਇਹਨਾਂ ਚੀਜ਼ਾਂ 'ਤੇ ਅਧਾਰਿਤ ਹੈ:

• ਬਰਾਬਰੀ

• ਇਮਾਨਦਾਰੀ

• ਦਇਆ

• ਸੇਵਾ

• ਨਿਮਰਤਾ

• ਨੈਤਿਕ ਲੀਡਰਸ਼ਿਪ

ਸਿੱਖ ਧਰਮ ਮੁਨਾਫ਼ੇ, ਨਵੀਨਤਾ (innovation) ਜਾਂ ਪਦਾਰਥਕ ਸਫ਼ਲਤਾ ਦਾ ਵਿਰੋਧ ਨਹੀਂ ਕਰਦਾ। ਬਲਕਿ, ਇਹ ਨੈਤਿਕ ਸਪੱਸ਼ਟਤਾ ਨਾਲ ਇਹ ਦਾਅਵਾ ਕਰਦਾ ਹੈ ਕਿ ਇਹ ਚੀਜ਼ਾਂ ਮਨੁੱਖੀ ਸਨਮਾਨ, ਨਿਆਂ ਅਤੇ ਨੈਤਿਕ ਜ਼ਿੰਮੇਵਾਰੀ ਦੇ ਅਧੀਨ ਹੋਣੀਆਂ ਚਾਹੀਦੀਆਂ ਹਨ। ਸਿੱਖ ਨਜ਼ਰੀਏ ਵਿੱਚ, ਅਸਲ ਤਰੱਕੀ ਸਿਰਫ਼ ਦੌਲਤ ਨਾਲ ਨਹੀਂ, ਸਗੋਂ ਇਸ ਗੱਲ ਨਾਲ ਮਾਪੀ ਜਾਂਦੀ ਹੈ ਕਿ ਇੱਕ ਕਾਰੋਬਾਰ ਆਪਣੇ ਕਰਮਚਾਰੀਆਂ, ਗਾਹਕਾਂ ਅਤੇ ਪੂਰੇ ਸਮਾਜ ਲਈ ਕਿੰਨਾ ਸਦੀਵੀ ਭਲਾ ਕਰਦਾ ਹੈ।

ਇੱਕ ਕਾਰੋਬਾਰ ਨੂੰ ਸਿਰਫ਼ ਇਹ ਨਹੀਂ ਪੁੱਛਣਾ ਚਾਹੀਦਾ:

'ਅਸੀਂ ਕਿੰਨੇ ਸਫ਼ਲ ਹੋ ਸਕਦੇ ਹਾਂ?'

ਇਸ ਨੂੰ ਇਹ ਵੀ ਪੁੱਛਣਾ ਚਾਹੀਦਾ ਹੈ:

• 'ਅਸੀਂ ਨੈਤਿਕ ਤੌਰ 'ਤੇ ਕਿਵੇਂ ਕੰਮ ਕਰ ਰਹੇ ਹਾਂ?'

• 'ਅਸੀਂ ਲੋਕਾਂ ਨਾਲ ਕਿਵੇਂ ਵਿਹਾਰ ਕਰਦੇ ਹਾਂ?'

• 'ਕੀ ਅਸੀਂ ਸਮਾਜ ਨੂੰ ਬਿਹਤਰ ਬਣਾ ਰਹੇ ਹਾਂ?'

• 'ਕੀ ਅਸੀਂ ਮਨੁੱਖਤਾ ਦੀ ਸੇਵਾ ਕਰ ਰਹੇ ਹਾਂ ਜਾਂ ਇਸਦਾ ਸ਼ੋਸ਼ਣ ਕਰ ਰਹੇ ਹਾਂ?'

ਸਿੱਖ ਗੁਰੂ ਸਾਹਿਬਾਨ ਨੇ ਸਿਖਾਇਆ ਕਿ ਸਾਰੇ ਮਨੁੱਖ ਇੱਕੋ ਸਿਰਜਣਹਾਰ ਦੀ ਜੋਤ ਹਨ। ਜਦੋਂ ਸੰਸਥਾਵਾਂ ਸੱਚਮੁੱਚ ਇਸ ਸਿਧਾਂਤ ਨੂੰ ਆਪਣੇ ਅੰਦਰ ਉਤਾਰ ਲੈਂਦੀਆਂ ਹਨ, ਤਾਂ ਵਪਾਰ ਸਿਰਫ਼ ਇੱਕ ਆਰਥਿਕ ਗਤੀਵਿਧੀ ਨਹੀਂ ਰਹਿ ਜਾਂਦਾ—ਇਹ ਮਨੁੱਖੀ ਤਰੱਕੀ, ਨਿਆਂ ਅਤੇ ਸਮੂਹਿਕ ਭਲਾਈ ਦਾ ਇੱਕ ਸਾਧਨ ਬਣ ਜਾਂਦਾ ਹੈ।

ੴ
CORPORATE ACHIEVEMENTS
SIKH ETHICAL LEADERSHIP:
TRANSFORMING AMERICAN BUSINESS AND SOCIETY
DR. GURINDER SINGH GREWAL
May 2026
DR. GURINDER SINGH GREWAL
